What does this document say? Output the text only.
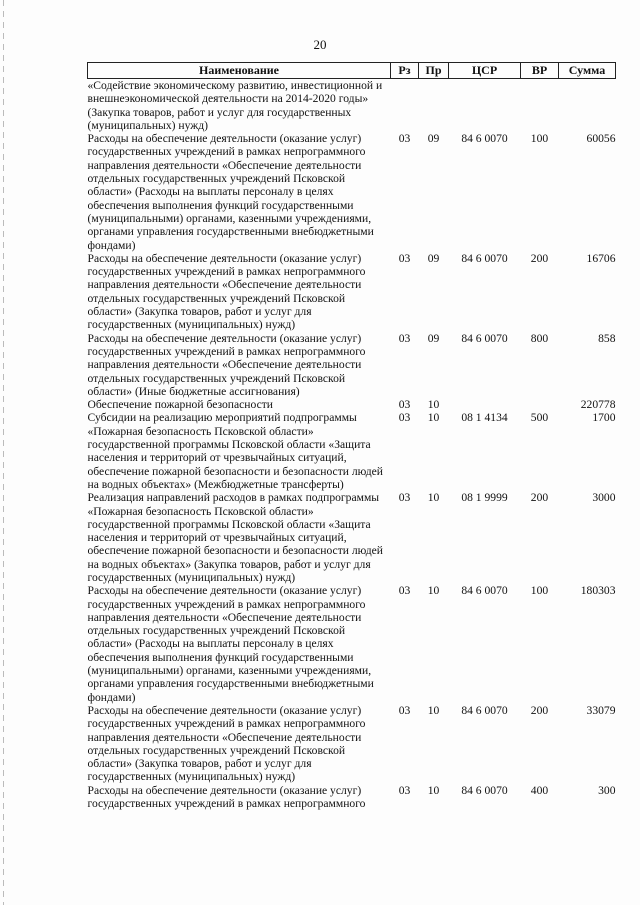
20
Наименование	Рз	Пр	ЦСР	ВР	Сумма
«Содействие экономическому развитию, инвестиционной и внешнеэкономической деятельности на 2014-2020 годы» (Закупка товаров, работ и услуг для государственных (муниципальных) нужд)					
Расходы на обеспечение деятельности (оказание услуг) государственных учреждений в рамках непрограммного направления деятельности «Обеспечение деятельности отдельных государственных учреждений Псковской области» (Расходы на выплаты персоналу в целях обеспечения выполнения функций государственными (муниципальными) органами, казенными учреждениями, органами управления государственными внебюджетными фондами)	03	09	84 6 0070	100	60056
Расходы на обеспечение деятельности (оказание услуг) государственных учреждений в рамках непрограммного направления деятельности «Обеспечение деятельности отдельных государственных учреждений Псковской области» (Закупка товаров, работ и услуг для государственных (муниципальных) нужд)	03	09	84 6 0070	200	16706
Расходы на обеспечение деятельности (оказание услуг) государственных учреждений в рамках непрограммного направления деятельности «Обеспечение деятельности отдельных государственных учреждений Псковской области» (Иные бюджетные ассигнования)	03	09	84 6 0070	800	858
Обеспечение пожарной безопасности	03	10			220778
Субсидии на реализацию мероприятий подпрограммы «Пожарная безопасность Псковской области» государственной программы Псковской области «Защита населения и территорий от чрезвычайных ситуаций, обеспечение пожарной безопасности и безопасности людей на водных объектах» (Межбюджетные трансферты)	03	10	08 1 4134	500	1700
Реализация направлений расходов в рамках подпрограммы «Пожарная безопасность Псковской области» государственной программы Псковской области «Защита населения и территорий от чрезвычайных ситуаций, обеспечение пожарной безопасности и безопасности людей на водных объектах» (Закупка товаров, работ и услуг для государственных (муниципальных) нужд)	03	10	08 1 9999	200	3000
Расходы на обеспечение деятельности (оказание услуг) государственных учреждений в рамках непрограммного направления деятельности «Обеспечение деятельности отдельных государственных учреждений Псковской области» (Расходы на выплаты персоналу в целях обеспечения выполнения функций государственными (муниципальными) органами, казенными учреждениями, органами управления государственными внебюджетными фондами)	03	10	84 6 0070	100	180303
Расходы на обеспечение деятельности (оказание услуг) государственных учреждений в рамках непрограммного направления деятельности «Обеспечение деятельности отдельных государственных учреждений Псковской области» (Закупка товаров, работ и услуг для государственных (муниципальных) нужд)	03	10	84 6 0070	200	33079
Расходы на обеспечение деятельности (оказание услуг) государственных учреждений в рамках непрограммного	03	10	84 6 0070	400	300
